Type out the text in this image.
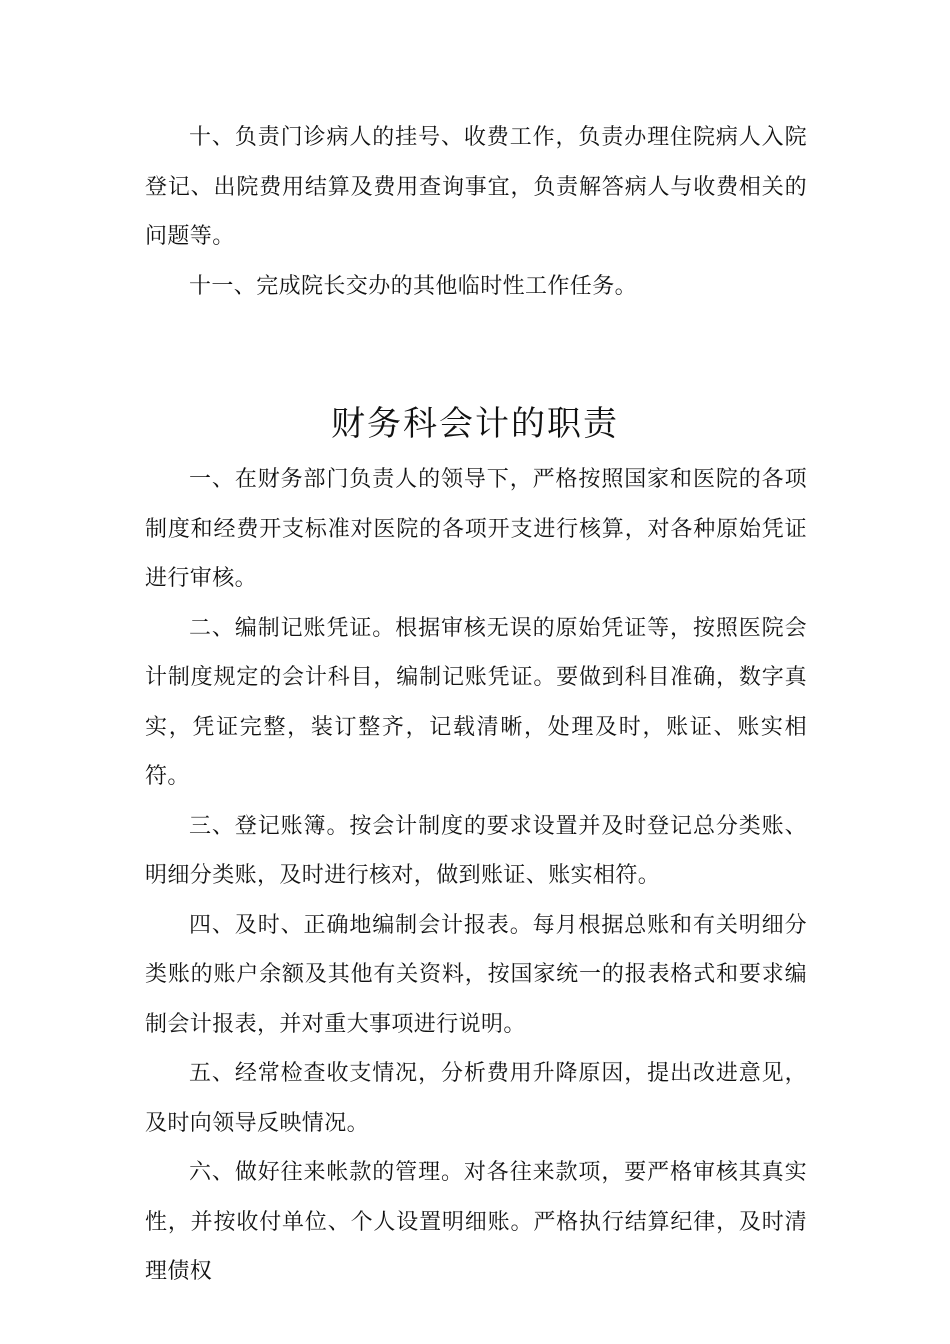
十、负责门诊病人的挂号、收费工作，负责办理住院病人入院登记、出院费用结算及费用查询事宜，负责解答病人与收费相关的问题等。

十一、完成院长交办的其他临时性工作任务。

财务科会计的职责

一、在财务部门负责人的领导下，严格按照国家和医院的各项制度和经费开支标准对医院的各项开支进行核算，对各种原始凭证进行审核。

二、编制记账凭证。根据审核无误的原始凭证等，按照医院会计制度规定的会计科目，编制记账凭证。要做到科目准确，数字真实，凭证完整，装订整齐，记载清晰，处理及时，账证、账实相符。

三、登记账簿。按会计制度的要求设置并及时登记总分类账、明细分类账，及时进行核对，做到账证、账实相符。

四、及时、正确地编制会计报表。每月根据总账和有关明细分类账的账户余额及其他有关资料，按国家统一的报表格式和要求编制会计报表，并对重大事项进行说明。

五、经常检查收支情况，分析费用升降原因，提出改进意见，及时向领导反映情况。

六、做好往来帐款的管理。对各往来款项，要严格审核其真实性，并按收付单位、个人设置明细账。严格执行结算纪律，及时清理债权
